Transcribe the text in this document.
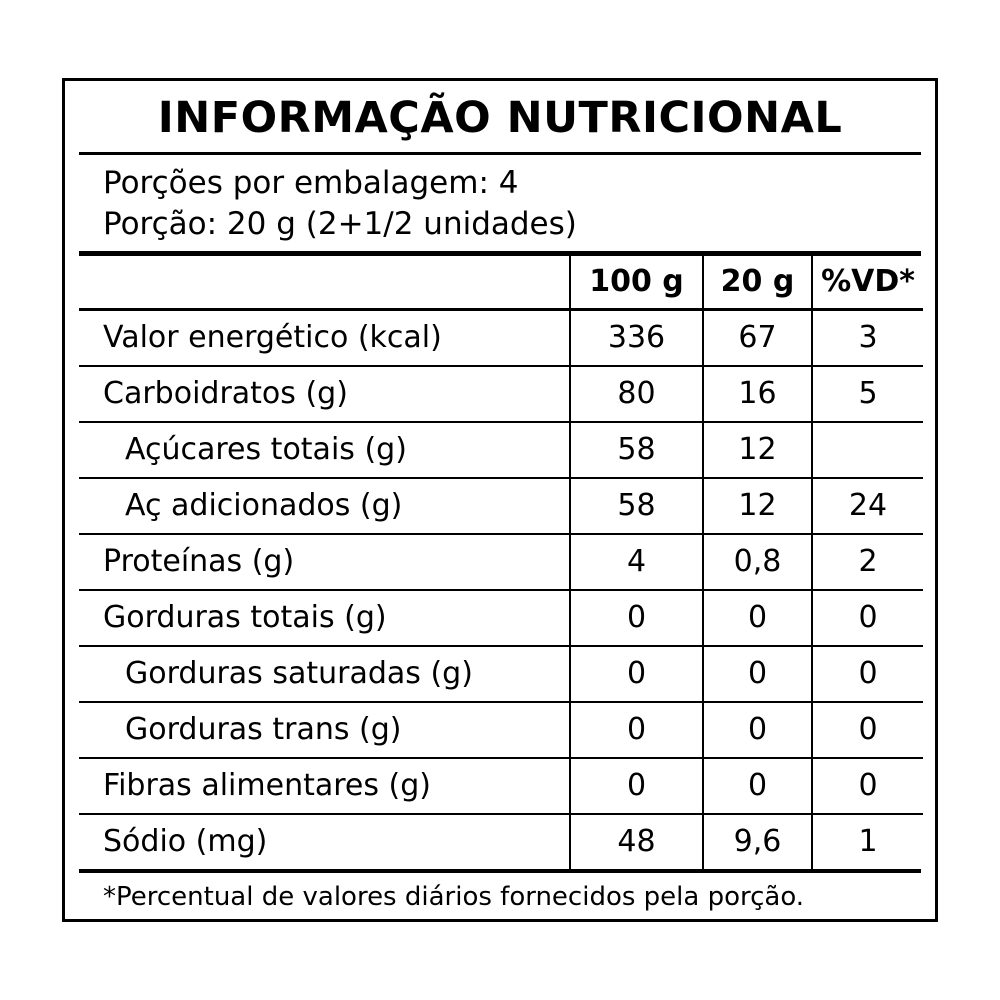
INFORMAÇÃO NUTRICIONAL
Porções por embalagem: 4
Porção: 20 g (2+1/2 unidades)
	100 g	20 g	%VD*
Valor energético (kcal)	336	67	3
Carboidratos (g)	80	16	5
Açúcares totais (g)	58	12	
Aç adicionados (g)	58	12	24
Proteínas (g)	4	0,8	2
Gorduras totais (g)	0	0	0
Gorduras saturadas (g)	0	0	0
Gorduras trans (g)	0	0	0
Fibras alimentares (g)	0	0	0
Sódio (mg)	48	9,6	1
*Percentual de valores diários fornecidos pela porção.
